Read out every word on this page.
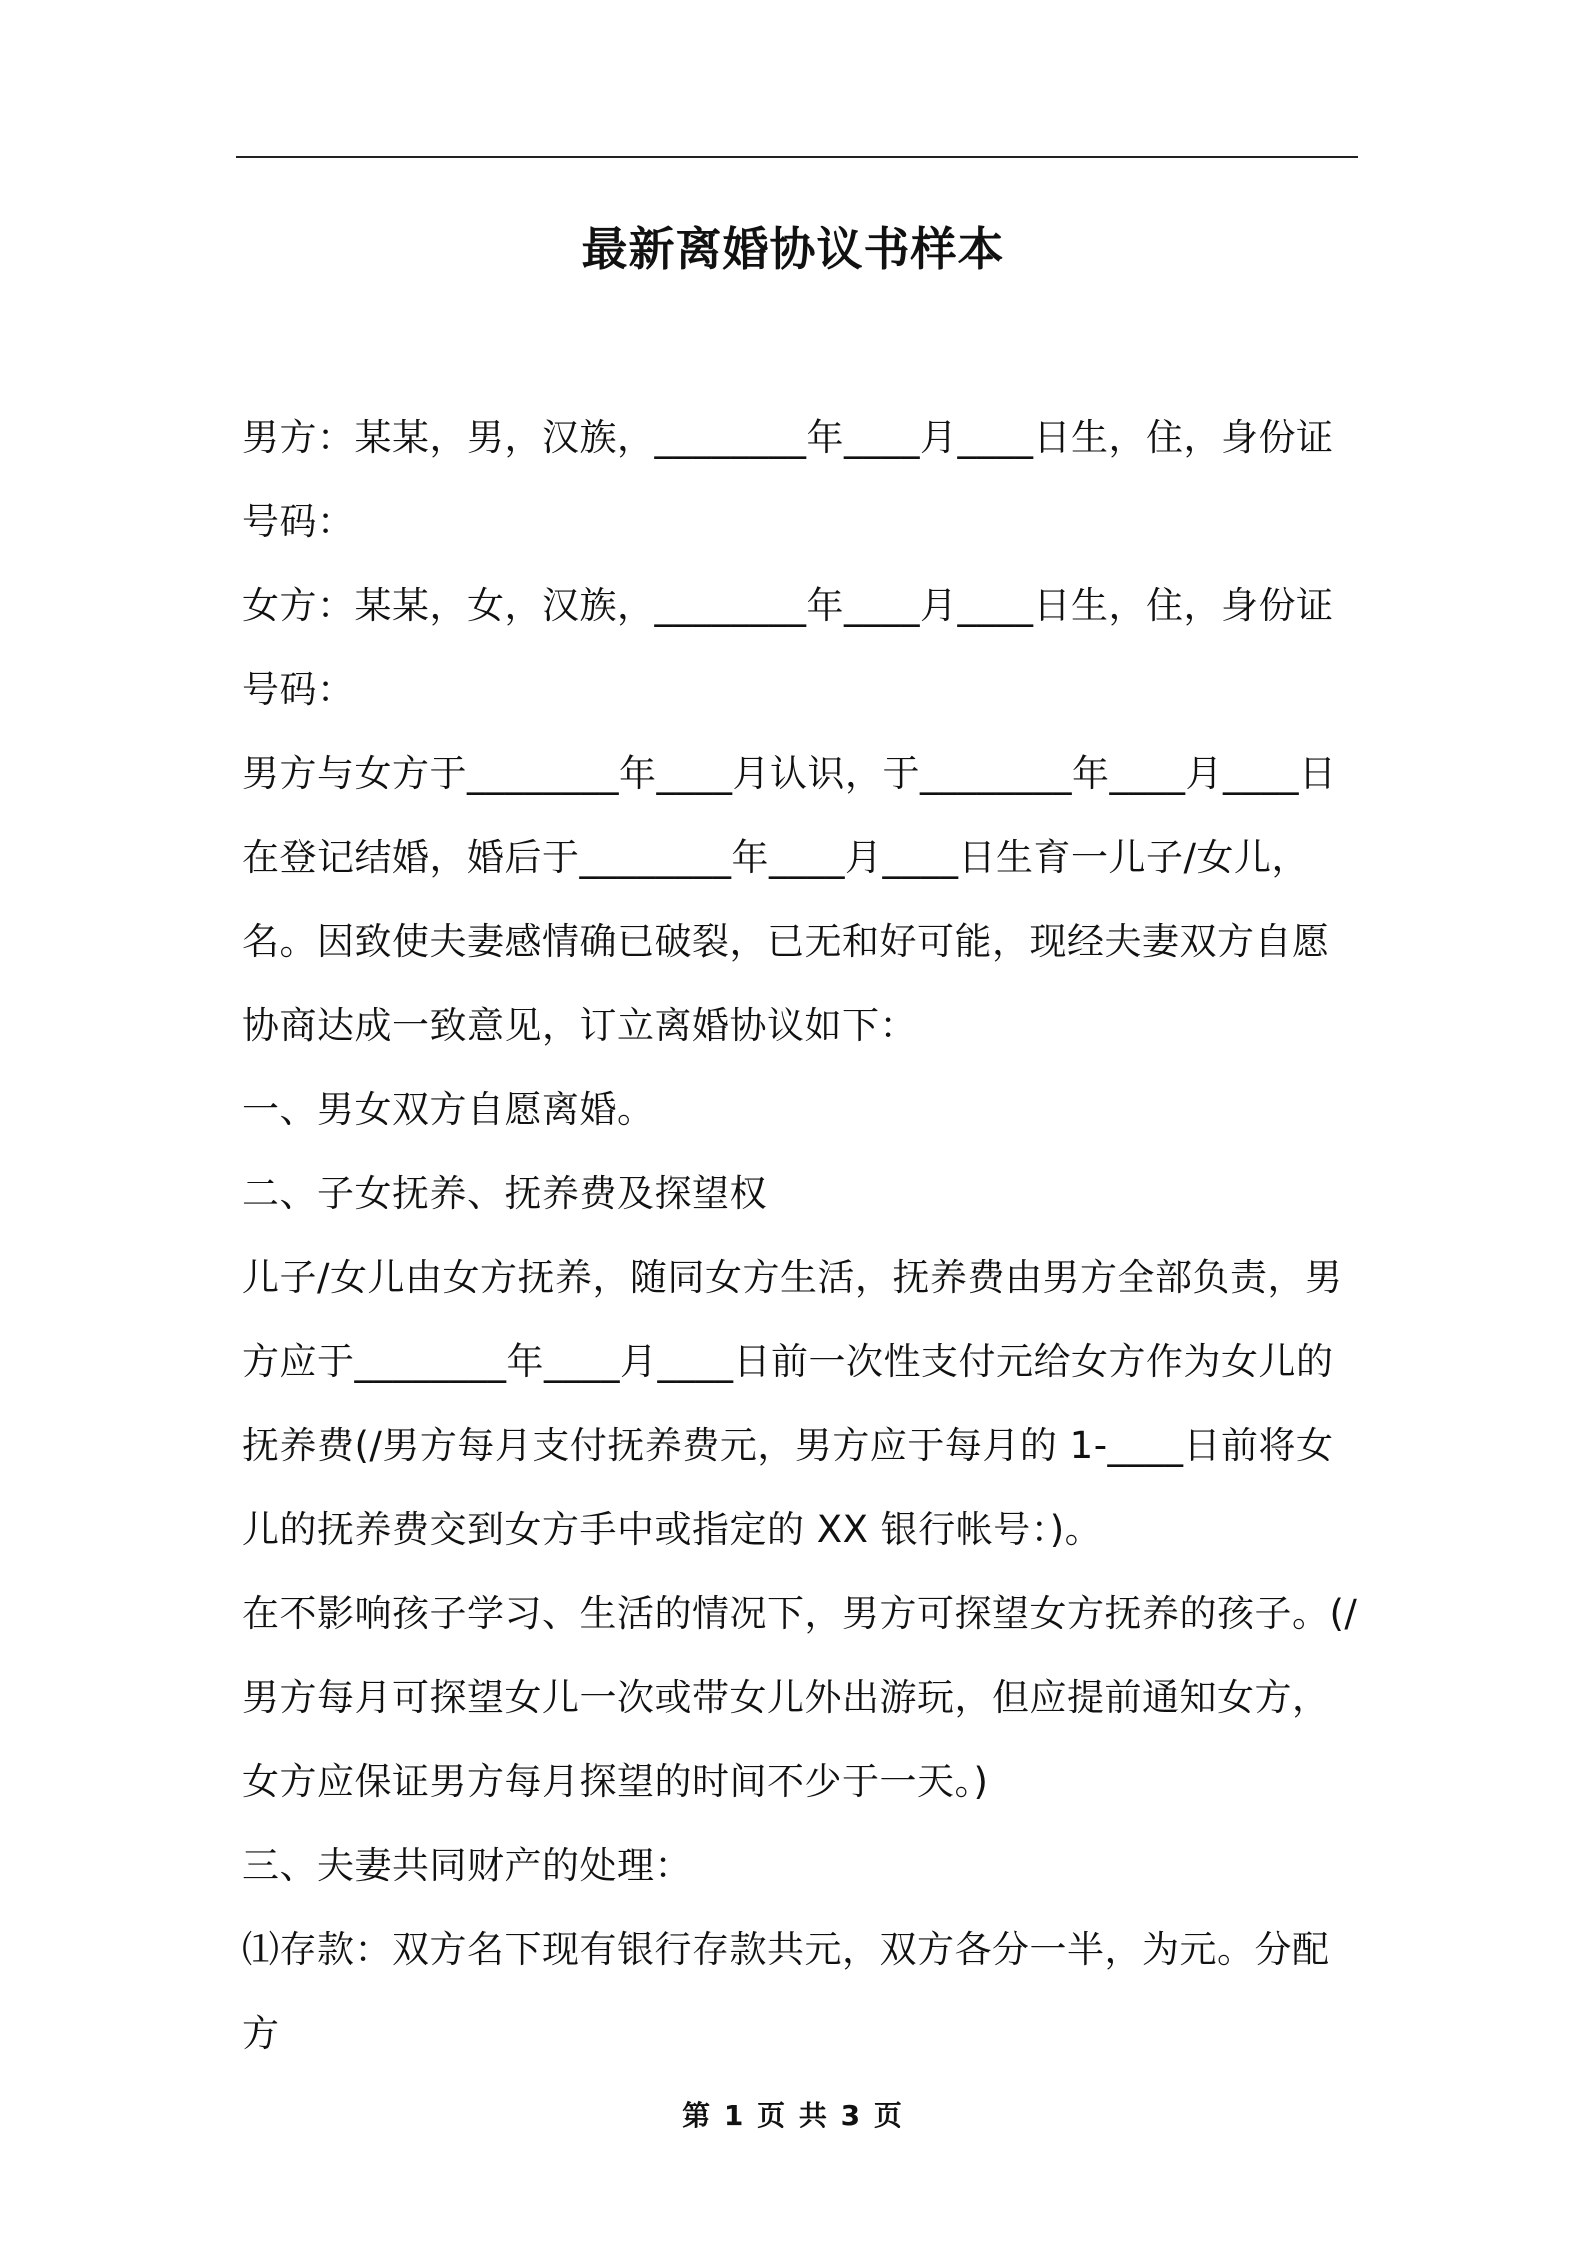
最新离婚协议书样本

男方：某某，男，汉族，________年____月____日生，住，身份证号码：

女方：某某，女，汉族，________年____月____日生，住，身份证号码：

男方与女方于________年____月认识，于________年____月____日在登记结婚，婚后于________年____月____日生育一儿子/女儿，名。因致使夫妻感情确已破裂，已无和好可能，现经夫妻双方自愿协商达成一致意见，订立离婚协议如下：

一、男女双方自愿离婚。

二、子女抚养、抚养费及探望权

儿子/女儿由女方抚养，随同女方生活，抚养费由男方全部负责，男方应于________年____月____日前一次性支付元给女方作为女儿的抚养费(/男方每月支付抚养费元，男方应于每月的 1-____日前将女儿的抚养费交到女方手中或指定的 XX 银行帐号：)。

在不影响孩子学习、生活的情况下，男方可探望女方抚养的孩子。(/男方每月可探望女儿一次或带女儿外出游玩，但应提前通知女方，女方应保证男方每月探望的时间不少于一天。)

三、夫妻共同财产的处理：

⑴存款：双方名下现有银行存款共元，双方各分一半，为元。分配方

第 1 页 共 3 页
